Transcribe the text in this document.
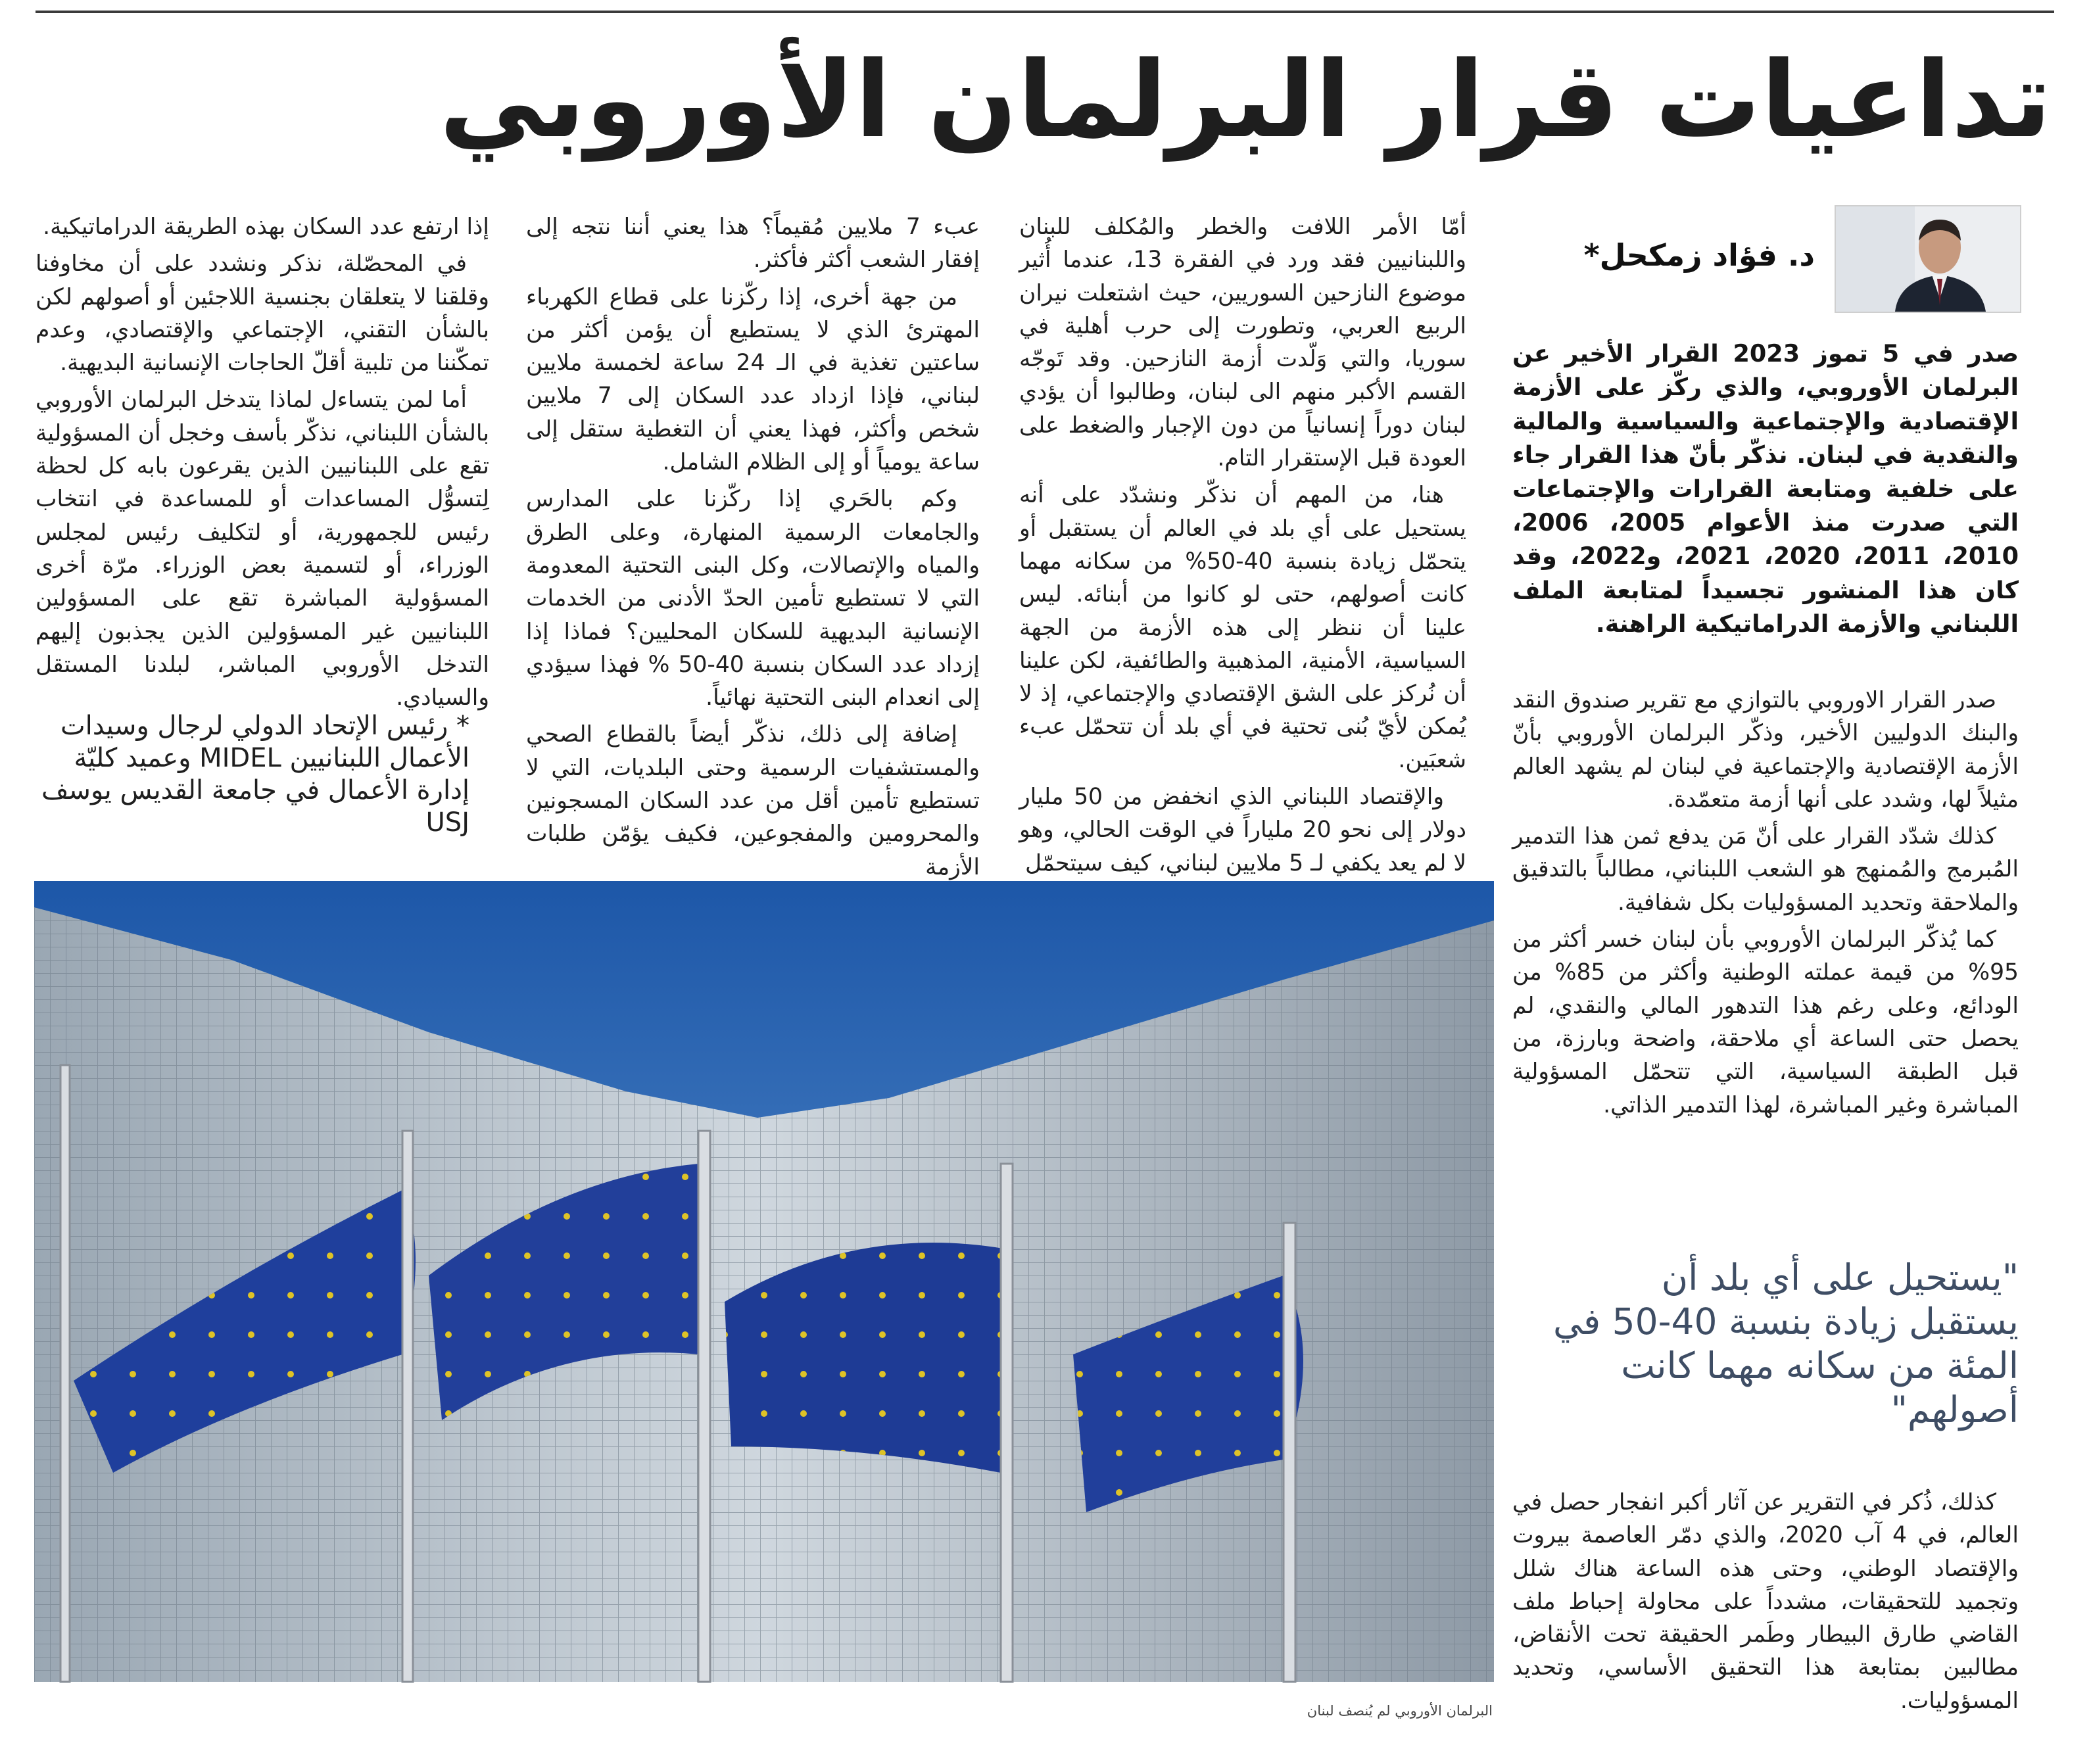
تداعيات قرار البرلمان الأوروبي
د. فؤاد زمكحل*
صدر في 5 تموز 2023 القرار الأخير عن البرلمان الأوروبي، والذي ركّز على الأزمة الإقتصادية والإجتماعية والسياسية والمالية والنقدية في لبنان. نذكّر بأنّ هذا القرار جاء على خلفية ومتابعة القرارات والإجتماعات التي صدرت منذ الأعوام 2005، 2006، 2010، 2011، 2020، 2021، و2022، وقد كان هذا المنشور تجسيداً لمتابعة الملف اللبناني والأزمة الدراماتيكية الراهنة.

صدر القرار الاوروبي بالتوازي مع تقرير صندوق النقد والبنك الدوليين الأخير، وذكّر البرلمان الأوروبي بأنّ الأزمة الإقتصادية والإجتماعية في لبنان لم يشهد العالم مثيلاً لها، وشدد على أنها أزمة متعمّدة.

كذلك شدّد القرار على أنّ مَن يدفع ثمن هذا التدمير المُبرمج والمُمنهج هو الشعب اللبناني، مطالباً بالتدقيق والملاحقة وتحديد المسؤوليات بكل شفافية.

كما يُذكّر البرلمان الأوروبي بأن لبنان خسر أكثر من 95% من قيمة عملته الوطنية وأكثر من 85% من الودائع، وعلى رغم هذا التدهور المالي والنقدي، لم يحصل حتى الساعة أي ملاحقة، واضحة وبارزة، من قبل الطبقة السياسية، التي تتحمّل المسؤولية المباشرة وغير المباشرة، لهذا التدمير الذاتي.

"يستحيل على أي بلد أن يستقبل زيادة بنسبة 40-50 في المئة من سكانه مهما كانت أصولهم"

كذلك، ذُكر في التقرير عن آثار أكبر انفجار حصل في العالم، في 4 آب 2020، والذي دمّر العاصمة بيروت والإقتصاد الوطني، وحتى هذه الساعة هناك شلل وتجميد للتحقيقات، مشدداً على محاولة إحباط ملف القاضي طارق البيطار وطَمر الحقيقة تحت الأنقاض، مطالبين بمتابعة هذا التحقيق الأساسي، وتحديد المسؤوليات.

أمّا الأمر اللافت والخطر والمُكلف للبنان واللبنانيين فقد ورد في الفقرة 13، عندما أُثير موضوع النازحين السوريين، حيث اشتعلت نيران الربيع العربي، وتطورت إلى حرب أهلية في سوريا، والتي وَلّدت أزمة النازحين. وقد تَوجّه القسم الأكبر منهم الى لبنان، وطالبوا أن يؤدي لبنان دوراً إنسانياً من دون الإجبار والضغط على العودة قبل الإستقرار التام.

هنا، من المهم أن نذكّر ونشدّد على أنه يستحيل على أي بلد في العالم أن يستقبل أو يتحمّل زيادة بنسبة 40-50% من سكانه مهما كانت أصولهم، حتى لو كانوا من أبنائه. ليس علينا أن ننظر إلى هذه الأزمة من الجهة السياسية، الأمنية، المذهبية والطائفية، لكن علينا أن نُركز على الشق الإقتصادي والإجتماعي، إذ لا يُمكن لأيّ بُنى تحتية في أي بلد أن تتحمّل عبء شعبَين.

والإقتصاد اللبناني الذي انخفض من 50 مليار دولار إلى نحو 20 ملياراً في الوقت الحالي، وهو لا لم يعد يكفي لـ 5 ملايين لبناني، كيف سيتحمّل

عبء 7 ملايين مُقيماً؟ هذا يعني أننا نتجه إلى إفقار الشعب أكثر فأكثر.

من جهة أخرى، إذا ركّزنا على قطاع الكهرباء المهترئ الذي لا يستطيع أن يؤمن أكثر من ساعتين تغذية في الـ 24 ساعة لخمسة ملايين لبناني، فإذا ازداد عدد السكان إلى 7 ملايين شخص وأكثر، فهذا يعني أن التغطية ستقل إلى ساعة يومياً أو إلى الظلام الشامل.

وكم بالحَري إذا ركّزنا على المدارس والجامعات الرسمية المنهارة، وعلى الطرق والمياه والإتصالات، وكل البنى التحتية المعدومة التي لا تستطيع تأمين الحدّ الأدنى من الخدمات الإنسانية البديهية للسكان المحليين؟ فماذا إذا إزداد عدد السكان بنسبة 40-50 % فهذا سيؤدي إلى انعدام البنى التحتية نهائياً.

إضافة إلى ذلك، نذكّر أيضاً بالقطاع الصحي والمستشفيات الرسمية وحتى البلديات، التي لا تستطيع تأمين أقل من عدد السكان المسجونين والمحرومين والمفجوعين، فكيف يؤمّن طلبات الأزمة

إذا ارتفع عدد السكان بهذه الطريقة الدراماتيكية.

في المحصّلة، نذكر ونشدد على أن مخاوفنا وقلقنا لا يتعلقان بجنسية اللاجئين أو أصولهم لكن بالشأن التقني، الإجتماعي والإقتصادي، وعدم تمكّننا من تلبية أقلّ الحاجات الإنسانية البديهية.

أما لمن يتساءل لماذا يتدخل البرلمان الأوروبي بالشأن اللبناني، نذكّر بأسف وخجل أن المسؤولية تقع على اللبنانيين الذين يقرعون بابه كل لحظة لِتسوُّل المساعدات أو للمساعدة في انتخاب رئيس للجمهورية، أو لتكليف رئيس لمجلس الوزراء، أو لتسمية بعض الوزراء. مرّة أخرى المسؤولية المباشرة تقع على المسؤولين اللبنانيين غير المسؤولين الذين يجذبون إليهم التدخل الأوروبي المباشر، لبلدنا المستقل والسيادي.

* رئيس الإتحاد الدولي لرجال وسيدات الأعمال اللبنانيين MIDEL وعميد كليّة إدارة الأعمال في جامعة القديس يوسف USJ
البرلمان الأوروبي لم يُنصف لبنان
